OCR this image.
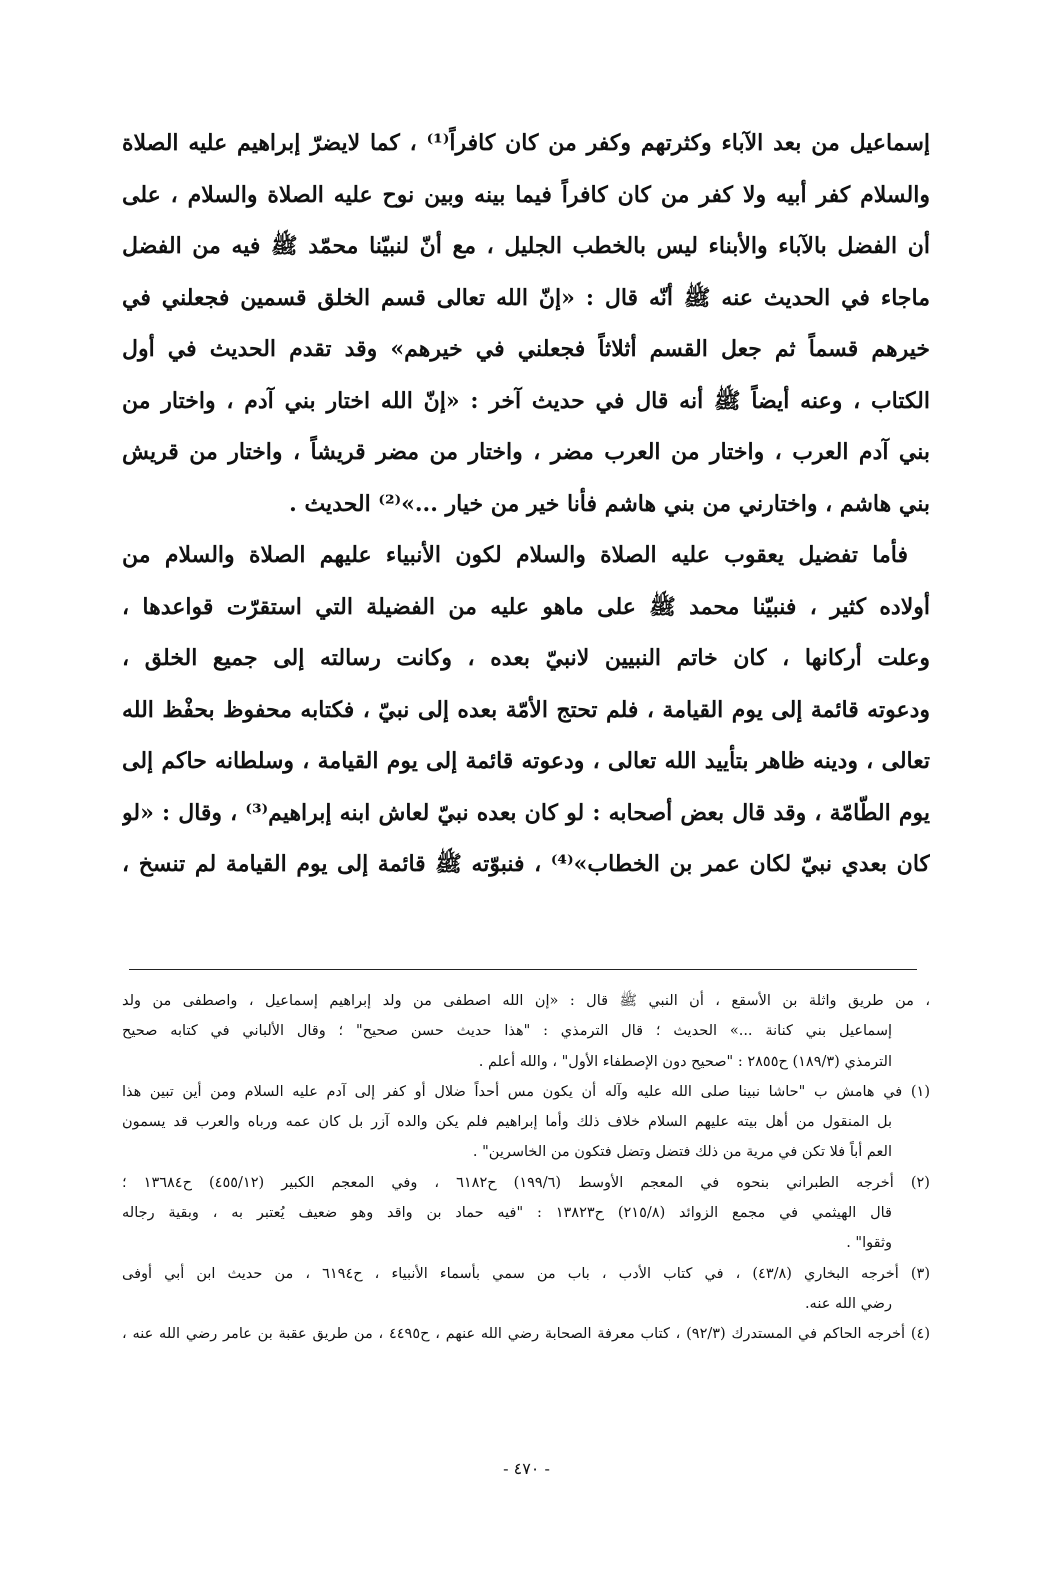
إسماعيل من بعد الآباء وكثرتهم وكفر من كان كافراً⁽¹⁾ ، كما لايضرّ إبراهيم عليه الصلاة
والسلام كفر أبيه ولا كفر من كان كافراً فيما بينه وبين نوح عليه الصلاة والسلام ، على
أن الفضل بالآباء والأبناء ليس بالخطب الجليل ، مع أنّ لنبيّنا محمّد ﷺ فيه من الفضل
ماجاء في الحديث عنه ﷺ أنّه قال : «إنّ الله تعالى قسم الخلق قسمين فجعلني في
خيرهم قسماً ثم جعل القسم أثلاثاً فجعلني في خيرهم» وقد تقدم الحديث في أول
الكتاب ، وعنه أيضاً ﷺ أنه قال في حديث آخر : «إنّ الله اختار بني آدم ، واختار من
بني آدم العرب ، واختار من العرب مضر ، واختار من مضر قريشاً ، واختار من قريش
بني هاشم ، واختارني من بني هاشم فأنا خير من خيار ...»⁽²⁾ الحديث .
فأما تفضيل يعقوب عليه الصلاة والسلام لكون الأنبياء عليهم الصلاة والسلام من
أولاده كثير ، فنبيّنا محمد ﷺ على ماهو عليه من الفضيلة التي استقرّت قواعدها ،
وعلت أركانها ، كان خاتم النبيين لانبيّ بعده ، وكانت رسالته إلى جميع الخلق ،
ودعوته قائمة إلى يوم القيامة ، فلم تحتج الأمّة بعده إلى نبيّ ، فكتابه محفوظ بحفْظ الله
تعالى ، ودينه ظاهر بتأييد الله تعالى ، ودعوته قائمة إلى يوم القيامة ، وسلطانه حاكم إلى
يوم الطّامّة ، وقد قال بعض أصحابه : لو كان بعده نبيّ لعاش ابنه إبراهيم⁽³⁾ ، وقال : «لو
كان بعدي نبيّ لكان عمر بن الخطاب»⁽⁴⁾ ، فنبوّته ﷺ قائمة إلى يوم القيامة لم تنسخ ،
، من طريق واثلة بن الأسقع ، أن النبي ﷺ قال : «إن الله اصطفى من ولد إبراهيم إسماعيل ، واصطفى من ولد
إسماعيل بني كنانة ...» الحديث ؛ قال الترمذي : "هذا حديث حسن صحيح" ؛ وقال الألباني في كتابه صحيح
الترمذي (١٨٩/٣) ح٢٨٥٥ : "صحيح دون الإصطفاء الأول" ، والله أعلم .
(١) في هامش ب "حاشا نبينا صلى الله عليه وآله أن يكون مس أحداً ضلال أو كفر إلى آدم عليه السلام ومن أين تبين هذا
بل المنقول من أهل بيته عليهم السلام خلاف ذلك وأما إبراهيم فلم يكن والده آزر بل كان عمه ورباه والعرب قد يسمون
العم أباً فلا تكن في مرية من ذلك فتضل وتضل فتكون من الخاسرين" .
(٢) أخرجه الطبراني بنحوه في المعجم الأوسط (١٩٩/٦) ح٦١٨٢ ، وفي المعجم الكبير (٤٥٥/١٢) ح١٣٦٨٤ ؛
قال الهيثمي في مجمع الزوائد (٢١٥/٨) ح١٣٨٢٣ : "فيه حماد بن واقد وهو ضعيف يُعتبر به ، وبقية رجاله
وثقوا" .
(٣) أخرجه البخاري (٤٣/٨) ، في كتاب الأدب ، باب من سمي بأسماء الأنبياء ، ح٦١٩٤ ، من حديث ابن أبي أوفى
رضي الله عنه.
(٤) أخرجه الحاكم في المستدرك (٩٢/٣) ، كتاب معرفة الصحابة رضي الله عنهم ، ح٤٤٩٥ ، من طريق عقبة بن عامر رضي الله عنه ،
- ٤٧٠ -
